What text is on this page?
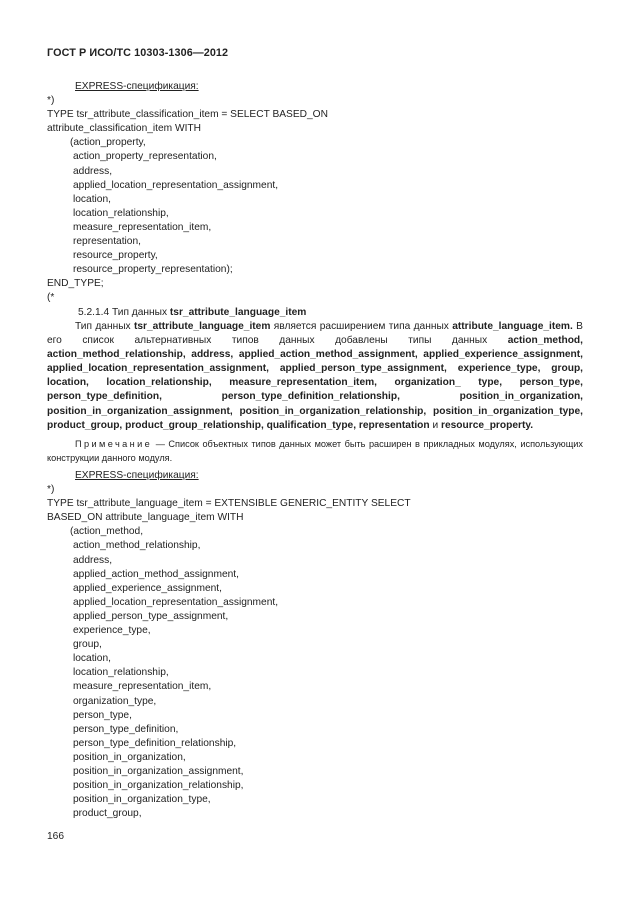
ГОСТ Р ИСО/ТС 10303-1306—2012
EXPRESS-спецификация:
*)
TYPE tsr_attribute_classification_item = SELECT BASED_ON
attribute_classification_item WITH
(action_property,
action_property_representation,
address,
applied_location_representation_assignment,
location,
location_relationship,
measure_representation_item,
representation,
resource_property,
resource_property_representation);
END_TYPE;
(*
5.2.1.4 Тип данных tsr_attribute_language_item
Тип данных tsr_attribute_language_item является расширением типа данных attribute_language_item. В его список альтернативных типов данных добавлены типы данных action_method, action_method_relationship, address, applied_action_method_assignment, applied_experience_assignment, applied_location_representation_assignment, applied_person_type_assignment, experience_type, group, location, location_relationship, measure_representation_item, organization_ type, person_type, person_type_definition, person_type_definition_relationship, position_in_organization, position_in_organization_assignment, position_in_organization_relationship, position_in_organization_type, product_group, product_group_relationship, qualification_type, representation и resource_property.
Примечание — Список объектных типов данных может быть расширен в прикладных модулях, использующих конструкции данного модуля.
EXPRESS-спецификация:
*)
TYPE tsr_attribute_language_item = EXTENSIBLE GENERIC_ENTITY SELECT
BASED_ON attribute_language_item WITH
(action_method,
action_method_relationship,
address,
applied_action_method_assignment,
applied_experience_assignment,
applied_location_representation_assignment,
applied_person_type_assignment,
experience_type,
group,
location,
location_relationship,
measure_representation_item,
organization_type,
person_type,
person_type_definition,
person_type_definition_relationship,
position_in_organization,
position_in_organization_assignment,
position_in_organization_relationship,
position_in_organization_type,
product_group,
166
